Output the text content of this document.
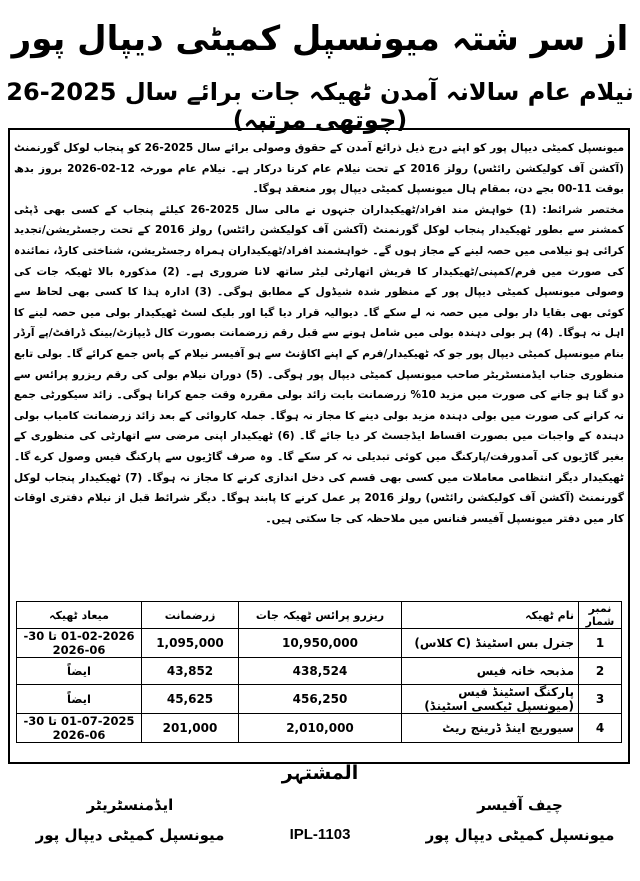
از سر شتہ میونسپل کمیٹی دیپال پور
نیلام عام سالانہ آمدن ٹھیکہ جات برائے سال 2025-26 (چوتھی مرتبہ)

میونسپل کمیٹی دیپال پور کو اپنے درج ذیل ذرائع آمدن کے حقوق وصولی برائے سال 2025-26 کو پنجاب لوکل گورنمنٹ (آکشن آف کولیکشن رائٹس) رولز 2016 کے تحت نیلام عام کرنا درکار ہے۔ نیلام عام مورخہ 12-02-2026 بروز بدھ بوقت 11-00 بجے دن، بمقام ہال میونسپل کمیٹی دیپال پور منعقد ہوگا۔

مختصر شرائط: (1) خواہش مند افراد/ٹھیکیداران جنہوں نے مالی سال 2025-26 کیلئے پنجاب کے کسی بھی ڈپٹی کمشنر سے بطور ٹھیکیدار پنجاب لوکل گورنمنٹ (آکشن آف کولیکشن رائٹس) رولز 2016 کے تحت رجسٹریشن/تجدید کرائی ہو نیلامی میں حصہ لینے کے مجاز ہوں گے۔ خواہشمند افراد/ٹھیکیداران ہمراہ رجسٹریشن، شناختی کارڈ، نمائندہ کی صورت میں فرم/کمپنی/ٹھیکیدار کا فریش اتھارٹی لیٹر ساتھ لانا ضروری ہے۔ (2) مذکورہ بالا ٹھیکہ جات کی وصولی میونسپل کمیٹی دیپال پور کے منظور شدہ شیڈول کے مطابق ہوگی۔ (3) ادارہ ہذا کا کسی بھی لحاظ سے کوئی بھی بقایا دار بولی میں حصہ نہ لے سکے گا۔ دیوالیہ قرار دیا گیا اور بلیک لسٹ ٹھیکیدار بولی میں حصہ لینے کا اہل نہ ہوگا۔ (4) ہر بولی دہندہ بولی میں شامل ہونے سے قبل رقم زرضمانت بصورت کال ڈیپازٹ/بینک ڈرافٹ/پے آرڈر بنام میونسپل کمیٹی دیپال پور جو کہ ٹھیکیدار/فرم کے اپنے اکاؤنٹ سے ہو آفیسر نیلام کے پاس جمع کرائے گا۔ بولی تابع منظوری جناب ایڈمنسٹریٹر صاحب میونسپل کمیٹی دیپال پور ہوگی۔ (5) دوران نیلام بولی کی رقم ریزرو پرائس سے دو گنا ہو جانے کی صورت میں مزید 10% زرضمانت بابت زائد بولی مقررہ وقت جمع کرانا ہوگی۔ زائد سیکورٹی جمع نہ کرانے کی صورت میں بولی دہندہ مزید بولی دینے کا مجاز نہ ہوگا۔ جملہ کاروائی کے بعد زائد زرضمانت کامیاب بولی دہندہ کے واجبات میں بصورت اقساط ایڈجسٹ کر دیا جائے گا۔ (6) ٹھیکیدار اپنی مرضی سے اتھارٹی کی منظوری کے بغیر گاڑیوں کی آمدورفت/پارکنگ میں کوئی تبدیلی نہ کر سکے گا۔ وہ صرف گاڑیوں سے پارکنگ فیس وصول کرے گا۔ ٹھیکیدار دیگر انتظامی معاملات میں کسی بھی قسم کی دخل اندازی کرنے کا مجاز نہ ہوگا۔ (7) ٹھیکیدار پنجاب لوکل گورنمنٹ (آکشن آف کولیکشن رائٹس) رولز 2016 پر عمل کرنے کا پابند ہوگا۔ دیگر شرائط قبل از نیلام دفتری اوقات کار میں دفتر میونسپل آفیسر فنانس میں ملاحظہ کی جا سکتی ہیں۔

نمبر شمار	نام ٹھیکہ	ریزرو پرائس ٹھیکہ جات	زرضمانت	میعاد ٹھیکہ
1	جنرل بس اسٹینڈ (C کلاس)	10,950,000	1,095,000	01-02-2026 تا 30-06-2026
2	مذبحہ خانہ فیس	438,524	43,852	ایضاً
3	پارکنگ اسٹینڈ فیس (میونسپل ٹیکسی اسٹینڈ)	456,250	45,625	ایضاً
4	سیوریج اینڈ ڈرینج ریٹ	2,010,000	201,000	01-07-2025 تا 30-06-2026
المشتہر
ایڈمنسٹریٹر
میونسپل کمیٹی دیپال پور
چیف آفیسر
میونسپل کمیٹی دیپال پور
IPL-1103
